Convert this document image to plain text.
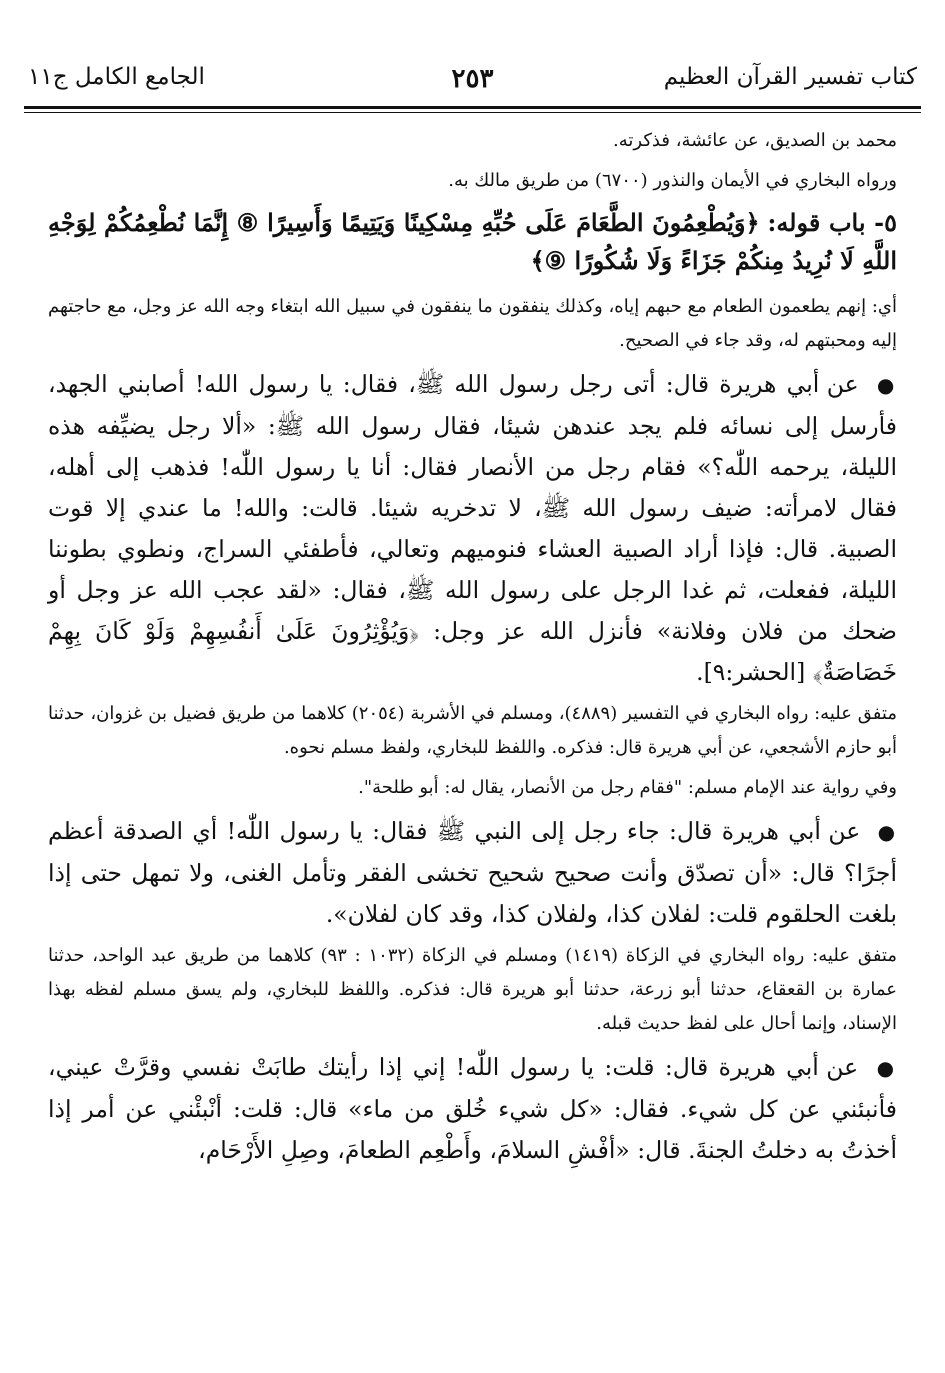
كتاب تفسير القرآن العظيم
٢٥٣
الجامع الكامل ج١١

محمد بن الصديق، عن عائشة، فذكرته.

ورواه البخاري في الأيمان والنذور (٦٧٠٠) من طريق مالك به.

٥- باب قوله: ﴿وَيُطْعِمُونَ الطَّعَامَ عَلَى حُبِّهِ مِسْكِينًا وَيَتِيمًا وَأَسِيرًا ⑧ إِنَّمَا نُطْعِمُكُمْ لِوَجْهِ اللَّهِ لَا نُرِيدُ مِنكُمْ جَزَاءً وَلَا شُكُورًا ⑨﴾

أي: إنهم يطعمون الطعام مع حبهم إياه، وكذلك ينفقون ما ينفقون في سبيل الله ابتغاء وجه الله عز وجل، مع حاجتهم إليه ومحبتهم له، وقد جاء في الصحيح.

● عن أبي هريرة قال: أتى رجل رسول الله ﷺ، فقال: يا رسول الله! أصابني الجهد، فأرسل إلى نسائه فلم يجد عندهن شيئا، فقال رسول الله ﷺ: «ألا رجل يضيِّفه هذه الليلة، يرحمه اللّٰه؟» فقام رجل من الأنصار فقال: أنا يا رسول اللّٰه! فذهب إلى أهله، فقال لامرأته: ضيف رسول الله ﷺ، لا تدخريه شيئا. قالت: والله! ما عندي إلا قوت الصبية. قال: فإذا أراد الصبية العشاء فنوميهم وتعالي، فأطفئي السراج، ونطوي بطوننا الليلة، ففعلت، ثم غدا الرجل على رسول الله ﷺ، فقال: «لقد عجب الله عز وجل أو ضحك من فلان وفلانة» فأنزل الله عز وجل: ﴿وَيُؤْثِرُونَ عَلَىٰ أَنفُسِهِمْ وَلَوْ كَانَ بِهِمْ خَصَاصَةٌ﴾ [الحشر:٩].

متفق عليه: رواه البخاري في التفسير (٤٨٨٩)، ومسلم في الأشربة (٢٠٥٤) كلاهما من طريق فضيل بن غزوان، حدثنا أبو حازم الأشجعي، عن أبي هريرة قال: فذكره. واللفظ للبخاري، ولفظ مسلم نحوه.

وفي رواية عند الإمام مسلم: "فقام رجل من الأنصار، يقال له: أبو طلحة".

● عن أبي هريرة قال: جاء رجل إلى النبي ﷺ فقال: يا رسول اللّٰه! أي الصدقة أعظم أجرًا؟ قال: «أن تصدّق وأنت صحيح شحيح تخشى الفقر وتأمل الغنى، ولا تمهل حتى إذا بلغت الحلقوم قلت: لفلان كذا، ولفلان كذا، وقد كان لفلان».

متفق عليه: رواه البخاري في الزكاة (١٤١٩) ومسلم في الزكاة (١٠٣٢ : ٩٣) كلاهما من طريق عبد الواحد، حدثنا عمارة بن القعقاع، حدثنا أبو زرعة، حدثنا أبو هريرة قال: فذكره. واللفظ للبخاري، ولم يسق مسلم لفظه بهذا الإسناد، وإنما أحال على لفظ حديث قبله.

● عن أبي هريرة قال: قلت: يا رسول اللّٰه! إني إذا رأيتك طابَتْ نفسي وقرَّتْ عيني، فأنبئني عن كل شيء. فقال: «كل شيء خُلق من ماء» قال: قلت: أنْبئْني عن أمر إذا أخذتُ به دخلتُ الجنةَ. قال: «أفْشِ السلامَ، وأَطْعِم الطعامَ، وصِلِ الأَرْحَام،
